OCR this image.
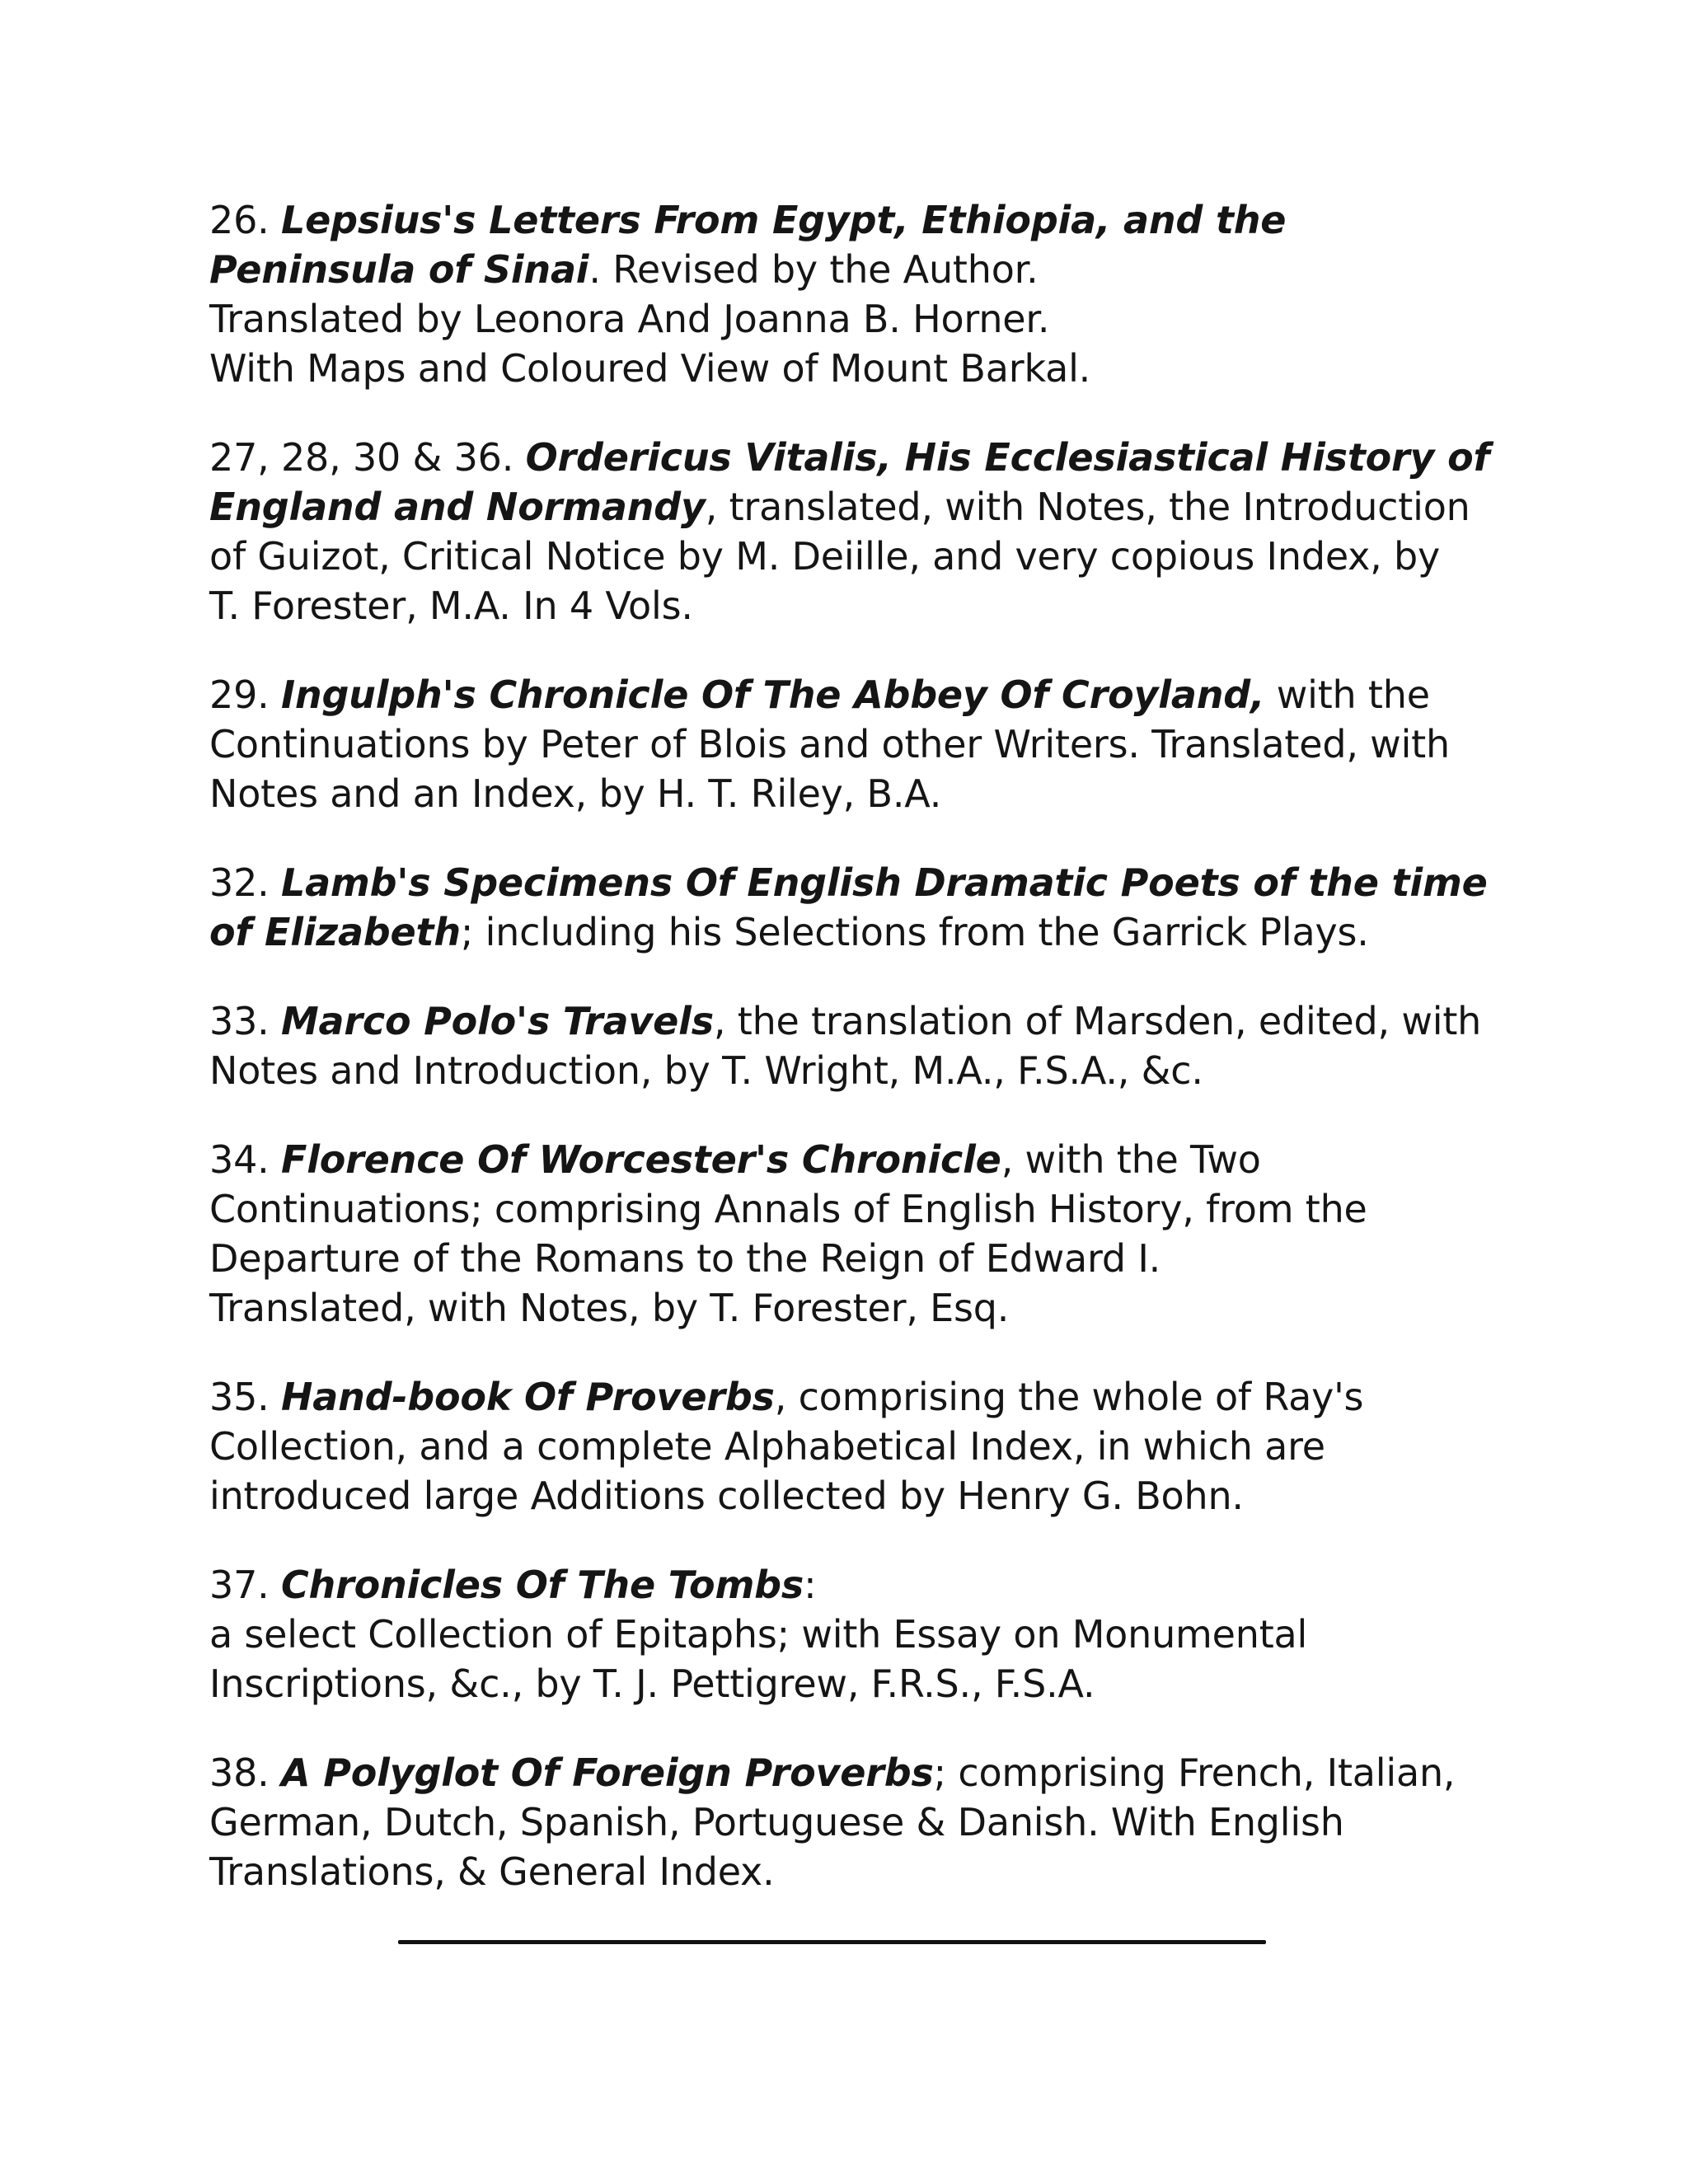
26. Lepsius's Letters From Egypt, Ethiopia, and the
Peninsula of Sinai. Revised by the Author.
Translated by Leonora And Joanna B. Horner.
With Maps and Coloured View of Mount Barkal.

27, 28, 30 & 36. Ordericus Vitalis, His Ecclesiastical History of
England and Normandy, translated, with Notes, the Introduction
of Guizot, Critical Notice by M. Deiille, and very copious Index, by
T. Forester, M.A. In 4 Vols.

29. Ingulph's Chronicle Of The Abbey Of Croyland, with the
Continuations by Peter of Blois and other Writers. Translated, with
Notes and an Index, by H. T. Riley, B.A.

32. Lamb's Specimens Of English Dramatic Poets of the time
of Elizabeth; including his Selections from the Garrick Plays.

33. Marco Polo's Travels, the translation of Marsden, edited, with
Notes and Introduction, by T. Wright, M.A., F.S.A., &c.

34. Florence Of Worcester's Chronicle, with the Two
Continuations; comprising Annals of English History, from the
Departure of the Romans to the Reign of Edward I.
Translated, with Notes, by T. Forester, Esq.

35. Hand-book Of Proverbs, comprising the whole of Ray's
Collection, and a complete Alphabetical Index, in which are
introduced large Additions collected by Henry G. Bohn.

37. Chronicles Of The Tombs:
a select Collection of Epitaphs; with Essay on Monumental
Inscriptions, &c., by T. J. Pettigrew, F.R.S., F.S.A.

38. A Polyglot Of Foreign Proverbs; comprising French, Italian,
German, Dutch, Spanish, Portuguese & Danish. With English
Translations, & General Index.
